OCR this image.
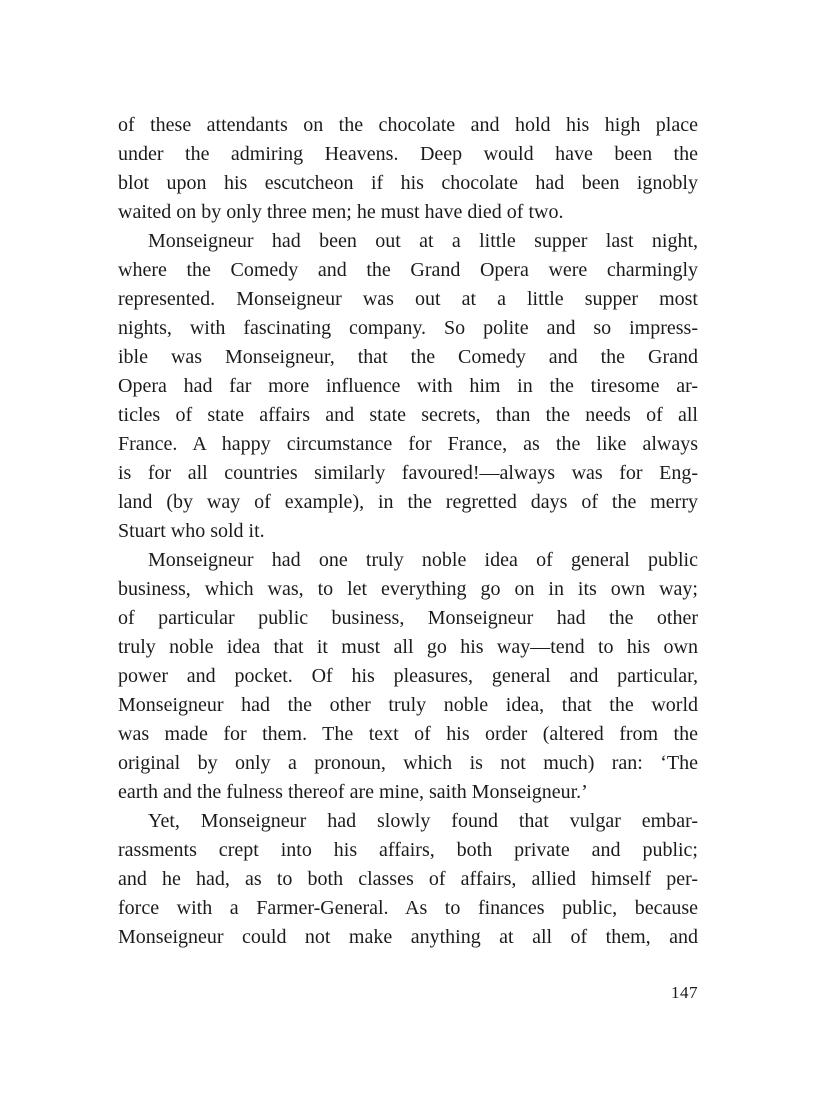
of these attendants on the chocolate and hold his high place
under the admiring Heavens. Deep would have been the
blot upon his escutcheon if his chocolate had been ignobly
waited on by only three men; he must have died of two.
Monseigneur had been out at a little supper last night,
where the Comedy and the Grand Opera were charmingly
represented. Monseigneur was out at a little supper most
nights, with fascinating company. So polite and so impress-
ible was Monseigneur, that the Comedy and the Grand
Opera had far more influence with him in the tiresome ar-
ticles of state affairs and state secrets, than the needs of all
France. A happy circumstance for France, as the like always
is for all countries similarly favoured!—always was for Eng-
land (by way of example), in the regretted days of the merry
Stuart who sold it.
Monseigneur had one truly noble idea of general public
business, which was, to let everything go on in its own way;
of particular public business, Monseigneur had the other
truly noble idea that it must all go his way—tend to his own
power and pocket. Of his pleasures, general and particular,
Monseigneur had the other truly noble idea, that the world
was made for them. The text of his order (altered from the
original by only a pronoun, which is not much) ran: ‘The
earth and the fulness thereof are mine, saith Monseigneur.’
Yet, Monseigneur had slowly found that vulgar embar-
rassments crept into his affairs, both private and public;
and he had, as to both classes of affairs, allied himself per-
force with a Farmer-General. As to finances public, because
Monseigneur could not make anything at all of them, and
147
